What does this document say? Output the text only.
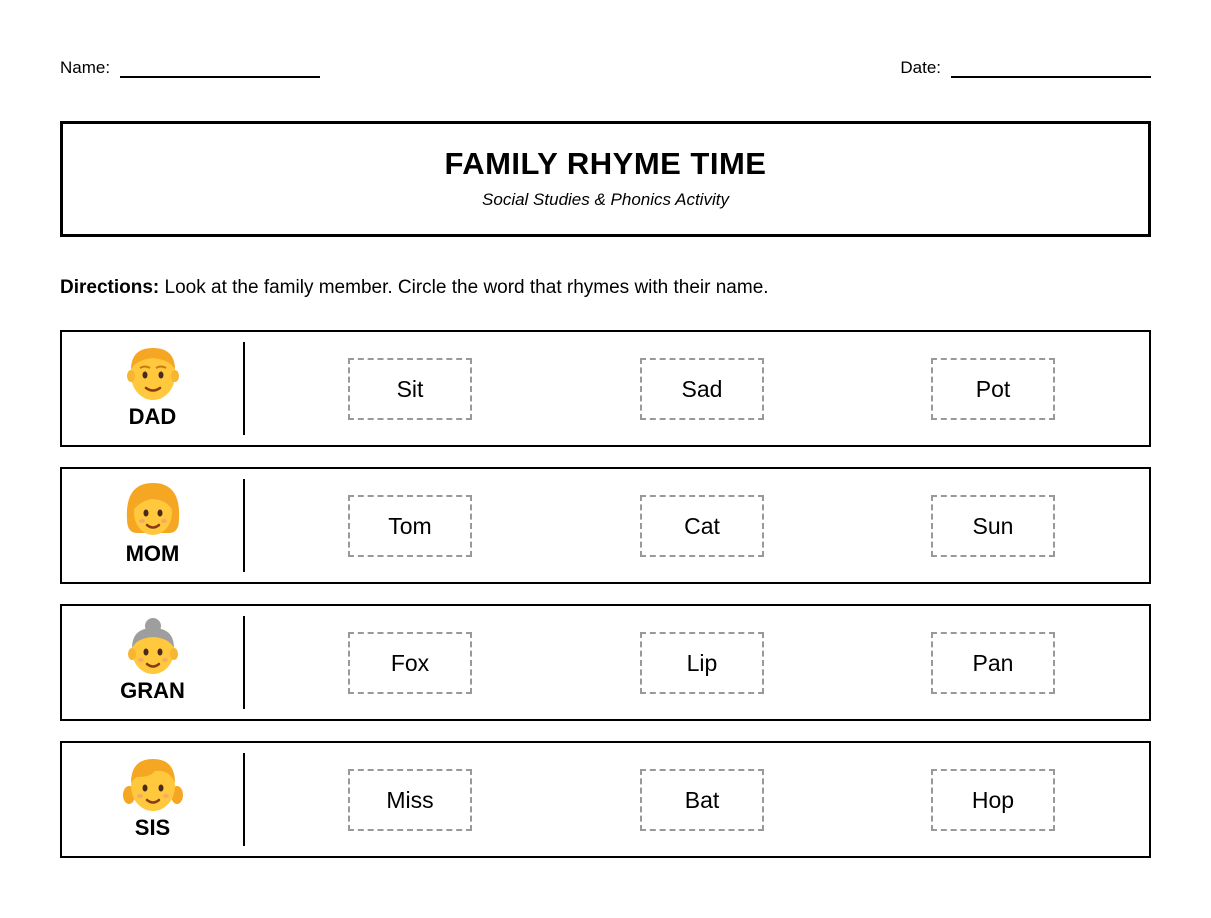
Name:	Date:
FAMILY RHYME TIME
Social Studies & Phonics Activity
Directions: Look at the family member. Circle the word that rhymes with their name.
DAD
Sit	Sad	Pot
MOM
Tom	Cat	Sun
GRAN
Fox	Lip	Pan
SIS
Miss	Bat	Hop
